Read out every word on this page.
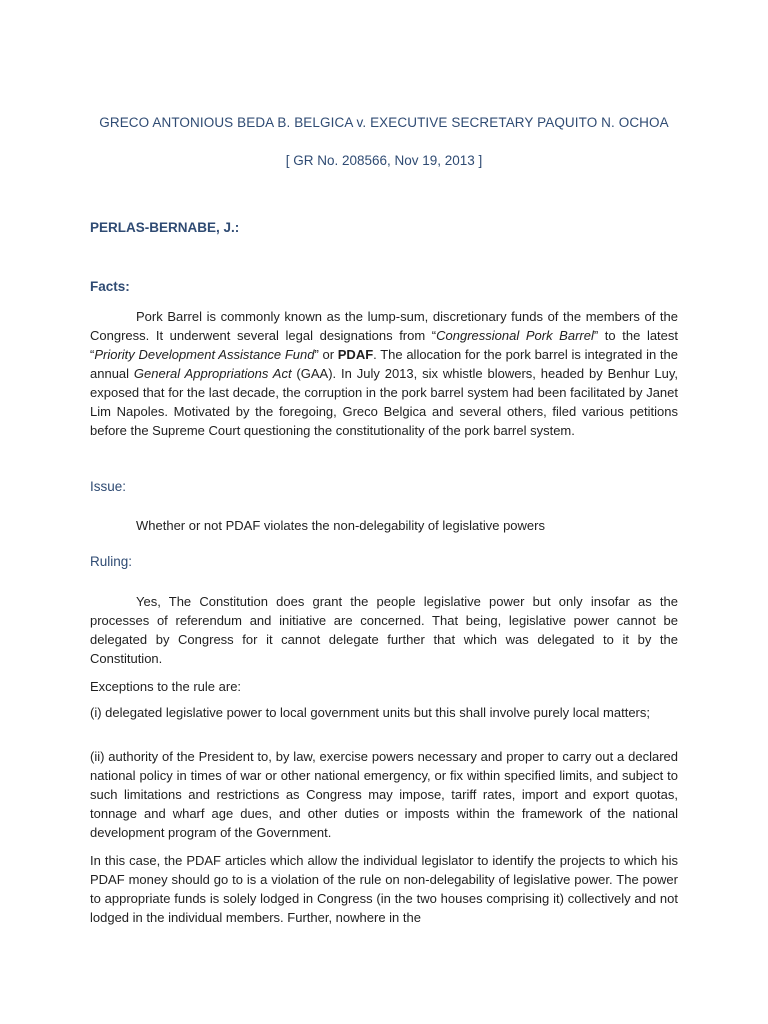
GRECO ANTONIOUS BEDA B. BELGICA v. EXECUTIVE SECRETARY PAQUITO N. OCHOA

[ GR No. 208566, Nov 19, 2013 ]

PERLAS-BERNABE, J.:

Facts:

Pork Barrel is commonly known as the lump-sum, discretionary funds of the members of the Congress. It underwent several legal designations from “Congressional Pork Barrel” to the latest “Priority Development Assistance Fund” or PDAF. The allocation for the pork barrel is integrated in the annual General Appropriations Act (GAA). In July 2013, six whistle blowers, headed by Benhur Luy, exposed that for the last decade, the corruption in the pork barrel system had been facilitated by Janet Lim Napoles. Motivated by the foregoing, Greco Belgica and several others, filed various petitions before the Supreme Court questioning the constitutionality of the pork barrel system.

Issue:

Whether or not PDAF violates the non-delegability of legislative powers

Ruling:

Yes, The Constitution does grant the people legislative power but only insofar as the processes of referendum and initiative are concerned. That being, legislative power cannot be delegated by Congress for it cannot delegate further that which was delegated to it by the Constitution.

Exceptions to the rule are:

(i) delegated legislative power to local government units but this shall involve purely local matters;

(ii) authority of the President to, by law, exercise powers necessary and proper to carry out a declared national policy in times of war or other national emergency, or fix within specified limits, and subject to such limitations and restrictions as Congress may impose, tariff rates, import and export quotas, tonnage and wharf age dues, and other duties or imposts within the framework of the national development program of the Government.

In this case, the PDAF articles which allow the individual legislator to identify the projects to which his PDAF money should go to is a violation of the rule on non-delegability of legislative power. The power to appropriate funds is solely lodged in Congress (in the two houses comprising it) collectively and not lodged in the individual members. Further, nowhere in the
